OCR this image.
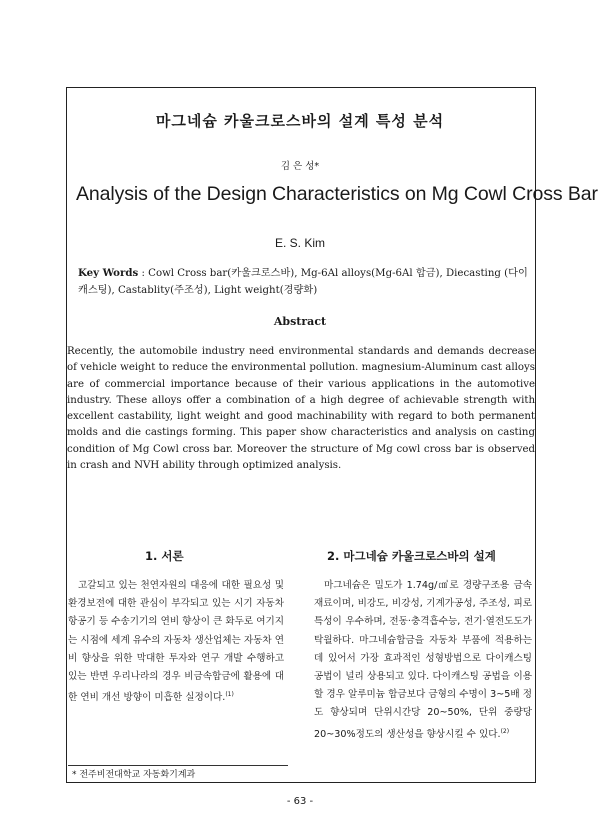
마그네슘 카울크로스바의 설계 특성 분석
김 은 성*
Analysis of the Design Characteristics on Mg Cowl Cross Bar
E. S. Kim
Key Words : Cowl Cross bar(카울크로스바), Mg-6Al alloys(Mg-6Al 합금), Diecasting (다이캐스팅), Castablity(주조성), Light weight(경량화)
Abstract

Recently, the automobile industry need environmental standards and demands decrease of vehicle weight to reduce the environmental pollution. magnesium-Aluminum cast alloys are of commercial importance because of their various applications in the automotive industry. These alloys offer a combination of a high degree of achievable strength with excellent castability, light weight and good machinability with regard to both permanent molds and die castings forming. This paper show characteristics and analysis on casting condition of Mg Cowl cross bar. Moreover the structure of Mg cowl cross bar is observed in crash and NVH ability through optimized analysis.

1. 서론	2. 마그네슘 카울크로스바의 설계

고갈되고 있는 천연자원의 대응에 대한 필요성 및 환경보전에 대한 관심이 부각되고 있는 시기 자동차 항공기 등 수송기기의 연비 향상이 큰 화두로 여기지는 시점에 세계 유수의 자동차 생산업체는 자동차 연비 향상을 위한 막대한 투자와 연구 개발 수행하고 있는 반면 우리나라의 경우 비금속합금에 활용에 대한 연비 개선 방향이 미흡한 실정이다.$^{(1)}$

마그네슘은 밀도가 1.74g/㎤로 경량구조용 금속재료이며, 비강도, 비강성, 기계가공성, 주조성, 피로특성이 우수하며, 전동·충격흡수능, 전기·열전도도가 탁월하다. 마그네슘합금을 자동차 부품에 적용하는데 있어서 가장 효과적인 성형방법으로 다이캐스팅 공법이 널리 상용되고 있다. 다이캐스팅 공법을 이용할 경우 알루미늄 합금보다 금형의 수명이 3~5배 정도 향상되며 단위시간당 20~50%, 단위 중량당 20~30%정도의 생산성을 향상시킬 수 있다.$^{(2)}$

* 전주비전대학교 자동화기계과
- 63 -
